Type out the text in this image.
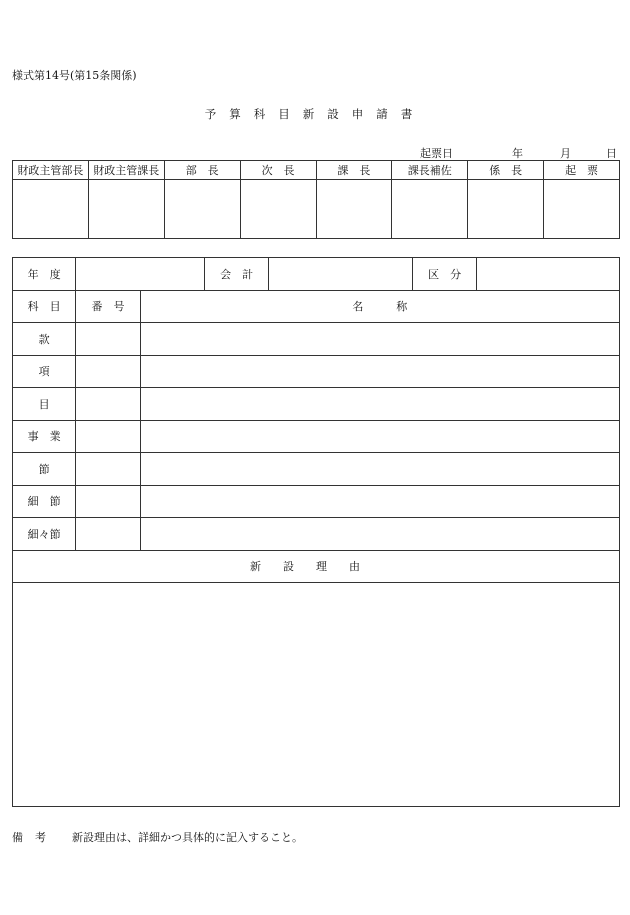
様式第14号(第15条関係)
予算科目新設申請書
起票日	年	月	日
財政主管部長	財政主管課長	部　長	次　長	課　長	課長補佐	係　長	起　票

年　度			会　計		区　分	
科　目	番　号	名　　　称				
款						
項						
目						
事　業						
節						
細　節						
細々節						
新設理由						

備考 新設理由は、詳細かつ具体的に記入すること。
